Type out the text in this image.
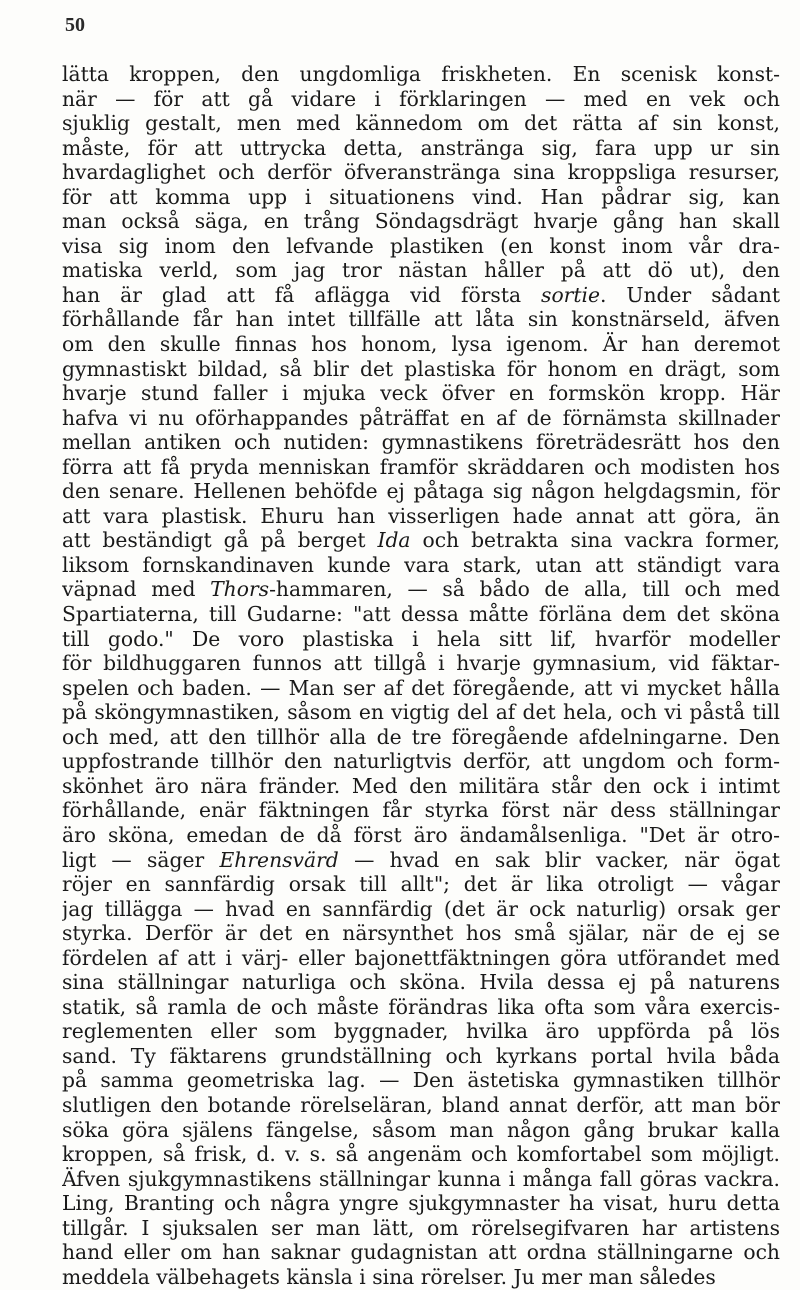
50
lätta kroppen, den ungdomliga friskheten. En scenisk konst-
när — för att gå vidare i förklaringen — med en vek och
sjuklig gestalt, men med kännedom om det rätta af sin konst,
måste, för att uttrycka detta, anstränga sig, fara upp ur sin
hvardaglighet och derför öfveranstränga sina kroppsliga resurser,
för att komma upp i situationens vind. Han pådrar sig, kan
man också säga, en trång Söndagsdrägt hvarje gång han skall
visa sig inom den lefvande plastiken (en konst inom vår dra-
matiska verld, som jag tror nästan håller på att dö ut), den
han är glad att få aflägga vid första sortie. Under sådant
förhållande får han intet tillfälle att låta sin konstnärseld, äfven
om den skulle finnas hos honom, lysa igenom. Är han deremot
gymnastiskt bildad, så blir det plastiska för honom en drägt, som
hvarje stund faller i mjuka veck öfver en formskön kropp. Här
hafva vi nu oförhappandes påträffat en af de förnämsta skillnader
mellan antiken och nutiden: gymnastikens företrädesrätt hos den
förra att få pryda menniskan framför skräddaren och modisten hos
den senare. Hellenen behöfde ej påtaga sig någon helgdagsmin, för
att vara plastisk. Ehuru han visserligen hade annat att göra, än
att beständigt gå på berget Ida och betrakta sina vackra former,
liksom fornskandinaven kunde vara stark, utan att ständigt vara
väpnad med Thors-hammaren, — så bådo de alla, till och med
Spartiaterna, till Gudarne: "att dessa måtte förläna dem det sköna
till godo." De voro plastiska i hela sitt lif, hvarför modeller
för bildhuggaren funnos att tillgå i hvarje gymnasium, vid fäktar-
spelen och baden. — Man ser af det föregående, att vi mycket hålla
på sköngymnastiken, såsom en vigtig del af det hela, och vi påstå till
och med, att den tillhör alla de tre föregående afdelningarne. Den
uppfostrande tillhör den naturligtvis derför, att ungdom och form-
skönhet äro nära fränder. Med den militära står den ock i intimt
förhållande, enär fäktningen får styrka först när dess ställningar
äro sköna, emedan de då först äro ändamålsenliga. "Det är otro-
ligt — säger Ehrensvärd — hvad en sak blir vacker, när ögat
röjer en sannfärdig orsak till allt"; det är lika otroligt — vågar
jag tillägga — hvad en sannfärdig (det är ock naturlig) orsak ger
styrka. Derför är det en närsynthet hos små själar, när de ej se
fördelen af att i värj- eller bajonettfäktningen göra utförandet med
sina ställningar naturliga och sköna. Hvila dessa ej på naturens
statik, så ramla de och måste förändras lika ofta som våra exercis-
reglementen eller som byggnader, hvilka äro uppförda på lös
sand. Ty fäktarens grundställning och kyrkans portal hvila båda
på samma geometriska lag. — Den ästetiska gymnastiken tillhör
slutligen den botande rörelseläran, bland annat derför, att man bör
söka göra själens fängelse, såsom man någon gång brukar kalla
kroppen, så frisk, d. v. s. så angenäm och komfortabel som möjligt.
Äfven sjukgymnastikens ställningar kunna i många fall göras vackra.
Ling, Branting och några yngre sjukgymnaster ha visat, huru detta
tillgår. I sjuksalen ser man lätt, om rörelsegifvaren har artistens
hand eller om han saknar gudagnistan att ordna ställningarne och
meddela välbehagets känsla i sina rörelser. Ju mer man således
